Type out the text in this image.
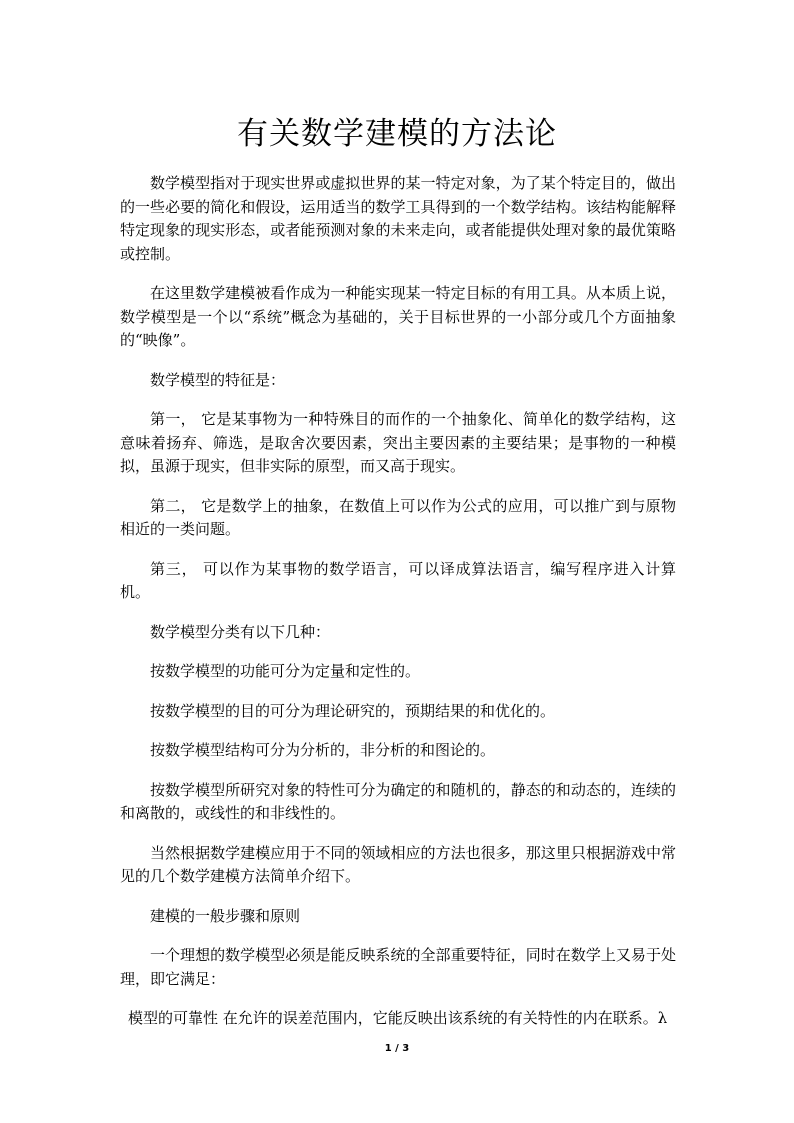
有关数学建模的方法论

数学模型指对于现实世界或虚拟世界的某一特定对象，为了某个特定目的，做出的一些必要的简化和假设，运用适当的数学工具得到的一个数学结构。该结构能解释特定现象的现实形态，或者能预测对象的未来走向，或者能提供处理对象的最优策略或控制。

在这里数学建模被看作成为一种能实现某一特定目标的有用工具。从本质上说，数学模型是一个以“系统”概念为基础的，关于目标世界的一小部分或几个方面抽象的“映像”。

数学模型的特征是：

第一， 它是某事物为一种特殊目的而作的一个抽象化、简单化的数学结构，这意味着扬弃、筛选，是取舍次要因素，突出主要因素的主要结果；是事物的一种模拟，虽源于现实，但非实际的原型，而又高于现实。

第二， 它是数学上的抽象，在数值上可以作为公式的应用，可以推广到与原物相近的一类问题。

第三， 可以作为某事物的数学语言，可以译成算法语言，编写程序进入计算机。

数学模型分类有以下几种：

按数学模型的功能可分为定量和定性的。

按数学模型的目的可分为理论研究的，预期结果的和优化的。

按数学模型结构可分为分析的，非分析的和图论的。

按数学模型所研究对象的特性可分为确定的和随机的，静态的和动态的，连续的和离散的，或线性的和非线性的。

当然根据数学建模应用于不同的领域相应的方法也很多，那这里只根据游戏中常见的几个数学建模方法简单介绍下。

建模的一般步骤和原则

一个理想的数学模型必须是能反映系统的全部重要特征，同时在数学上又易于处理，即它满足：

模型的可靠性 在允许的误差范围内，它能反映出该系统的有关特性的内在联系。λ

1 / 3
